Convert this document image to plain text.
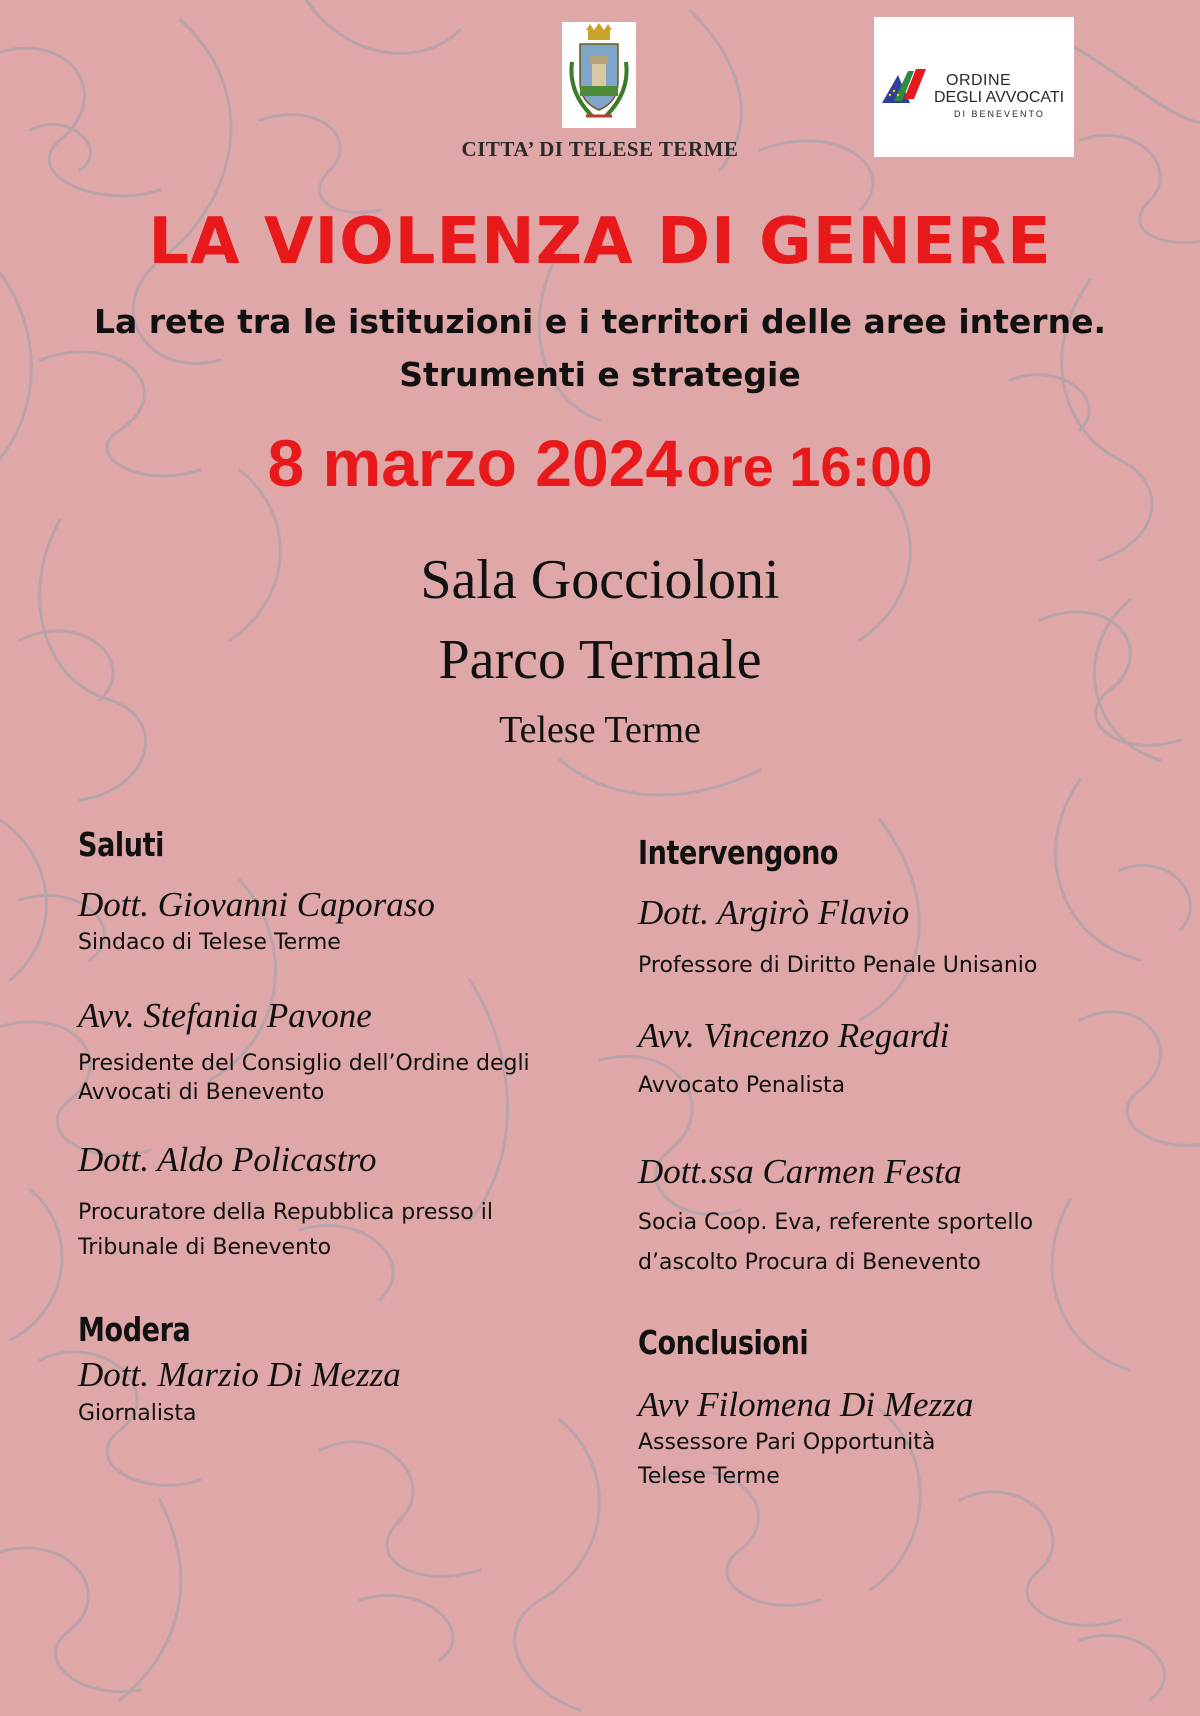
CITTA’ DI TELESE TERME
ORDINE
DEGLI AVVOCATI
DI BENEVENTO
LA VIOLENZA DI GENERE
La rete tra le istituzioni e i territori delle aree interne.
Strumenti e strategie
8 marzo 2024 ore 16:00
Sala Goccioloni
Parco Termale
Telese Terme
Saluti
Dott. Giovanni Caporaso
Sindaco di Telese Terme
Avv. Stefania Pavone
Presidente del Consiglio dell’Ordine degli
Avvocati di Benevento
Dott. Aldo Policastro
Procuratore della Repubblica presso il
Tribunale di Benevento
Modera
Dott. Marzio Di Mezza
Giornalista
Intervengono
Dott. Argirò Flavio
Professore di Diritto Penale Unisanio
Avv. Vincenzo Regardi
Avvocato Penalista
Dott.ssa Carmen Festa
Socia Coop. Eva, referente sportello
d’ascolto Procura di Benevento
Conclusioni
Avv Filomena Di Mezza
Assessore Pari Opportunità
Telese Terme
